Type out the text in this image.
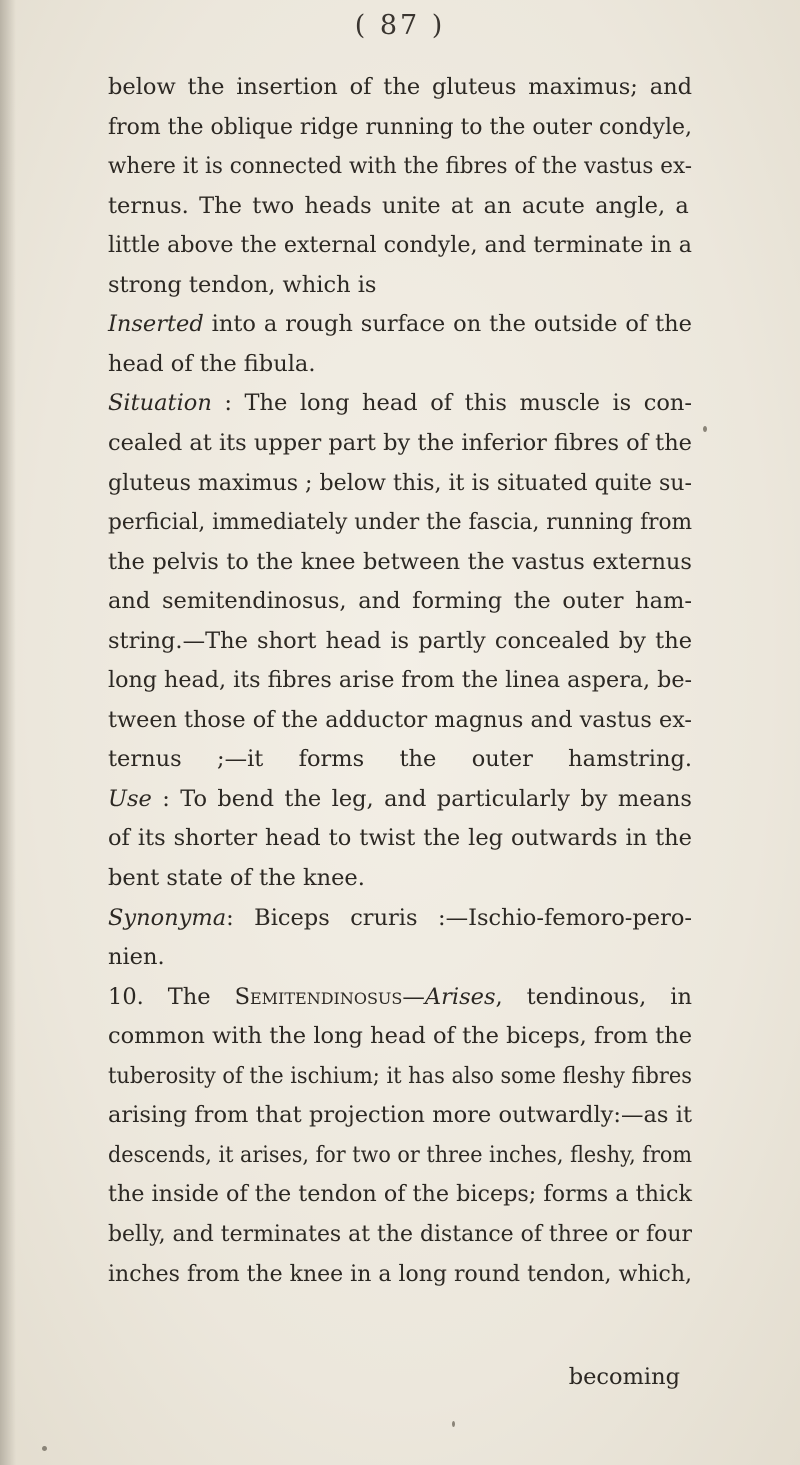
( 87 )
below the insertion of the gluteus maximus; and
from the oblique ridge running to the outer condyle,
where it is connected with the fibres of the vastus ex-
ternus. The two heads unite at an acute angle, a
little above the external condyle, and terminate in a
strong tendon, which is
Inserted into a rough surface on the outside of the
head of the fibula.
Situation : The long head of this muscle is con-
cealed at its upper part by the inferior fibres of the
gluteus maximus ; below this, it is situated quite su-
perficial, immediately under the fascia, running from
the pelvis to the knee between the vastus externus
and semitendinosus, and forming the outer ham-
string.—The short head is partly concealed by the
long head, its fibres arise from the linea aspera, be-
tween those of the adductor magnus and vastus ex-
ternus ;—it forms the outer hamstring.
Use : To bend the leg, and particularly by means
of its shorter head to twist the leg outwards in the
bent state of the knee.
Synonyma: Biceps cruris :—Ischio-femoro-pero-
nien.
10. The Semitendinosus—Arises, tendinous, in
common with the long head of the biceps, from the
tuberosity of the ischium; it has also some fleshy fibres
arising from that projection more outwardly:—as it
descends, it arises, for two or three inches, fleshy, from
the inside of the tendon of the biceps; forms a thick
belly, and terminates at the distance of three or four
inches from the knee in a long round tendon, which,
becoming
